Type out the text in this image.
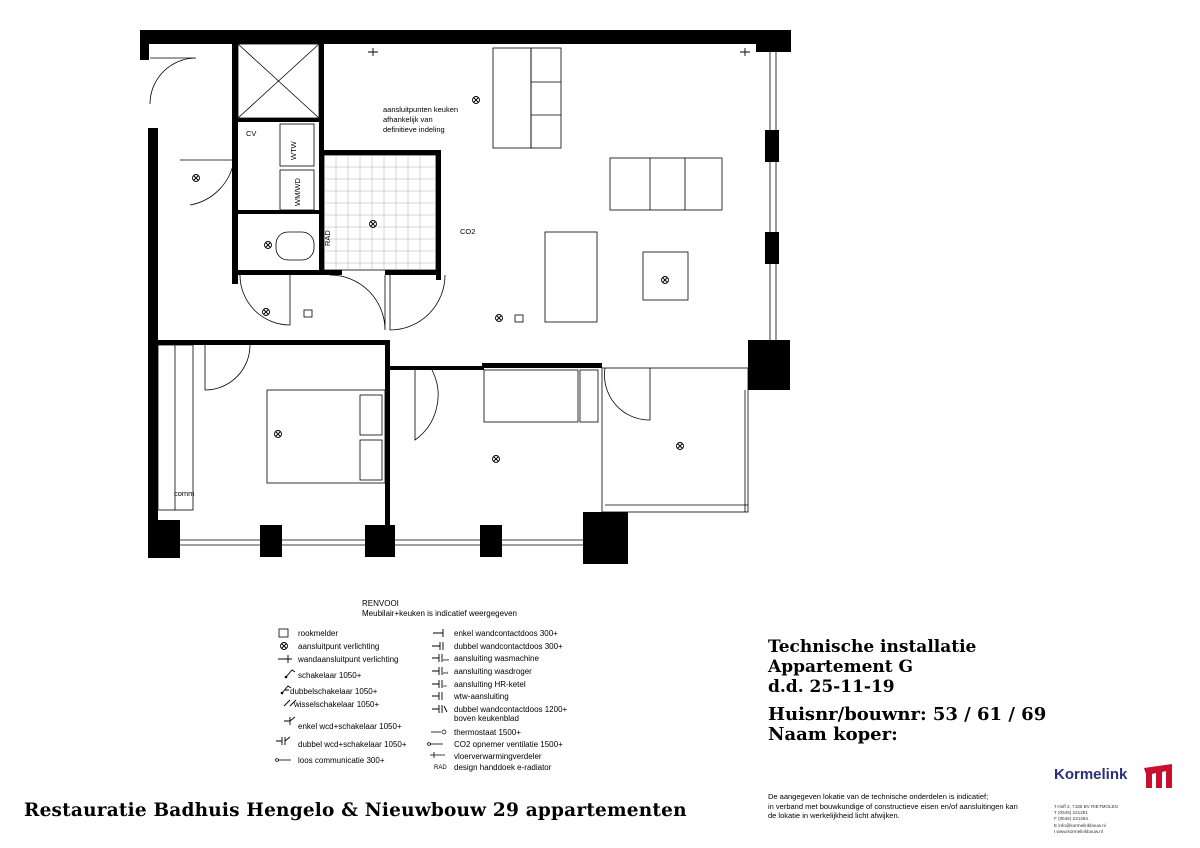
CV
WTW
WM/WD
RAD	CO2
comm
aansluitpunten keuken
afhankelijk van
definitieve indeling
RENVOOI
Meubilair+keuken is indicatief weergegeven
rookmelder
aansluitpunt verlichting
wandaansluitpunt verlichting
schakelaar 1050+
dubbelschakelaar 1050+
wisselschakelaar 1050+
enkel wcd+schakelaar 1050+
dubbel wcd+schakelaar 1050+
loos communicatie 300+
enkel wandcontactdoos 300+
dubbel wandcontactdoos 300+
wm aansluiting wasmachine
wd aansluiting wasdroger
cv aansluiting HR-ketel
wtw-aansluiting
dubbel wandcontactdoos 1200+
boven keukenblad
thermostaat 1500+
CO2 opnemer ventilatie 1500+
vloerverwarmingverdeler
RAD design handdoek e-radiator
Technische installatie
Appartement G
d.d. 25-11-19
Huisnr/bouwnr: 53 / 61 / 69
Naam koper:
Restauratie Badhuis Hengelo & Nieuwbouw 29 appartementen
De aangegeven lokatie van de technische onderdelen is indicatief;
in verband met bouwkundige of constructieve eisen en/of aansluitingen kan
de lokatie in werkelijkheid licht afwijken.
Kormelink
't Hoff 2, 7185 BV RIETMOLEN
T (0545) 221261
F (0545) 221484
E info@kormelinkbouw.nl
I www.kormelinkbouw.nl
